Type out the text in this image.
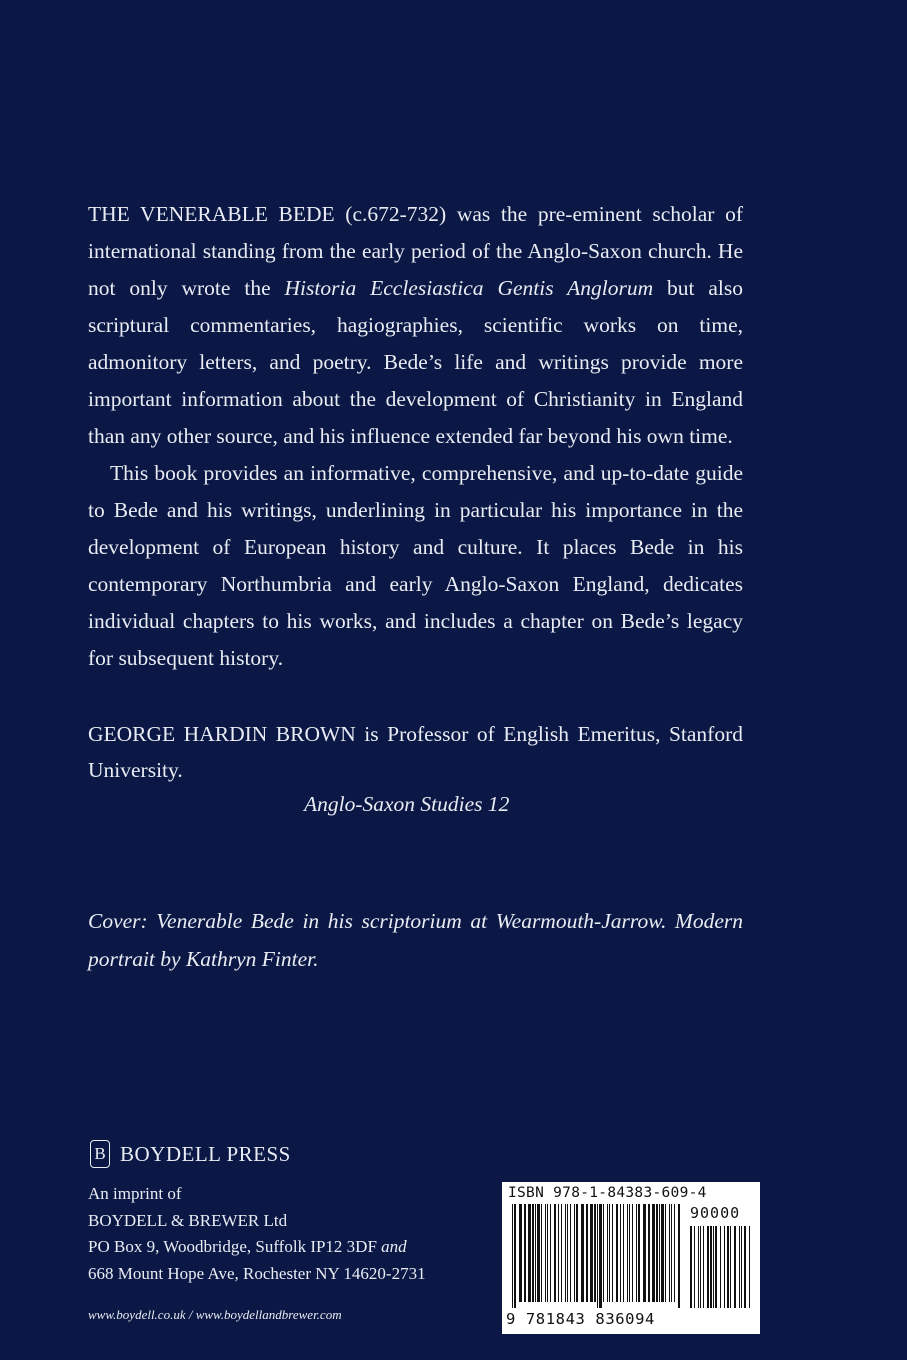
THE VENERABLE BEDE (c.672-732) was the pre-eminent scholar of international standing from the early period of the Anglo-Saxon church. He not only wrote the Historia Ecclesiastica Gentis Anglorum but also scriptural commentaries, hagiographies, scientific works on time, admonitory letters, and poetry. Bede’s life and writings provide more important information about the development of Christianity in England than any other source, and his influence extended far beyond his own time.

This book provides an informative, comprehensive, and up-to-date guide to Bede and his writings, underlining in particular his importance in the development of European history and culture. It places Bede in his contemporary Northumbria and early Anglo-Saxon England, dedicates individual chapters to his works, and includes a chapter on Bede’s legacy for subsequent history.

GEORGE HARDIN BROWN is Professor of English Emeritus, Stanford University.

Anglo-Saxon Studies 12

Cover: Venerable Bede in his scriptorium at Wearmouth-Jarrow. Modern portrait by Kathryn Finter.

B BOYDELL PRESS
An imprint of
BOYDELL & BREWER Ltd
PO Box 9, Woodbridge, Suffolk IP12 3DF and
668 Mount Hope Ave, Rochester NY 14620-2731
www.boydell.co.uk / www.boydellandbrewer.com
ISBN 978-1-84383-609-4
90000
9 781843 836094
